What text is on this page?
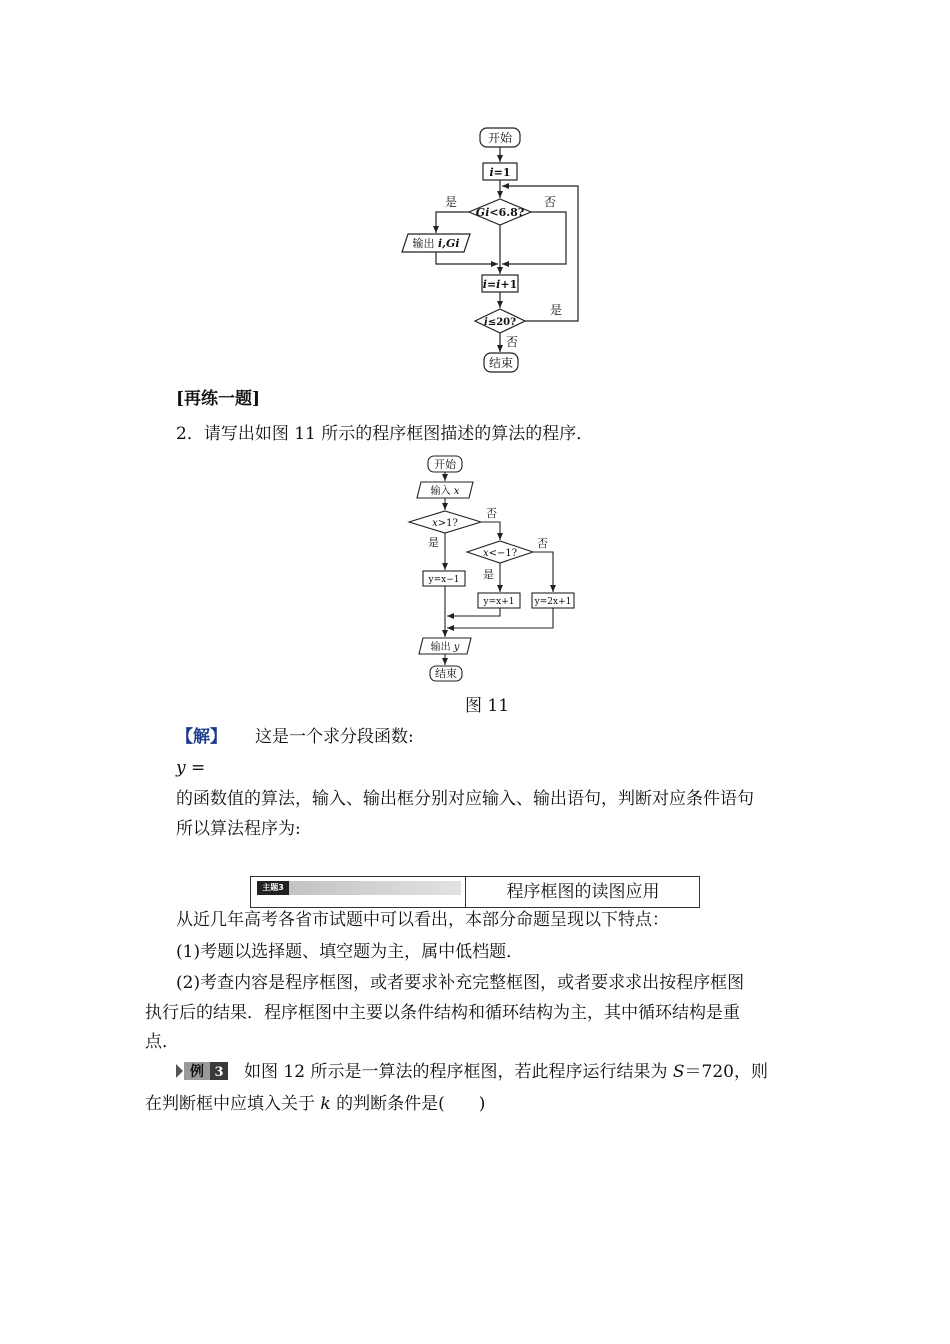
开始
i=1
Gi<6.8?
是	否
输出 i,Gi
i=i+1
i≤20?
是
否
结束
[再练一题]
2．请写出如图 11 所示的程序框图描述的算法的程序．
开始
输入 x
x>1?
否
是
x<−1?
否
是
y=x−1
y=x+1 y=2x+1
输出 y
结束
图 11
【解】 这是一个求分段函数:
y =
的函数值的算法，输入、输出框分别对应输入、输出语句，判断对应条件语句
所以算法程序为:
主题3	程序框图的读图应用
从近几年高考各省市试题中可以看出，本部分命题呈现以下特点：
(1)考题以选择题、填空题为主，属中低档题．
(2)考查内容是程序框图，或者要求补充完整框图，或者要求求出按程序框图
执行后的结果．程序框图中主要以条件结构和循环结构为主，其中循环结构是重
点．
例 3 如图 12 所示是一算法的程序框图，若此程序运行结果为 S＝720，则
在判断框中应填入关于 k 的判断条件是(　　)
